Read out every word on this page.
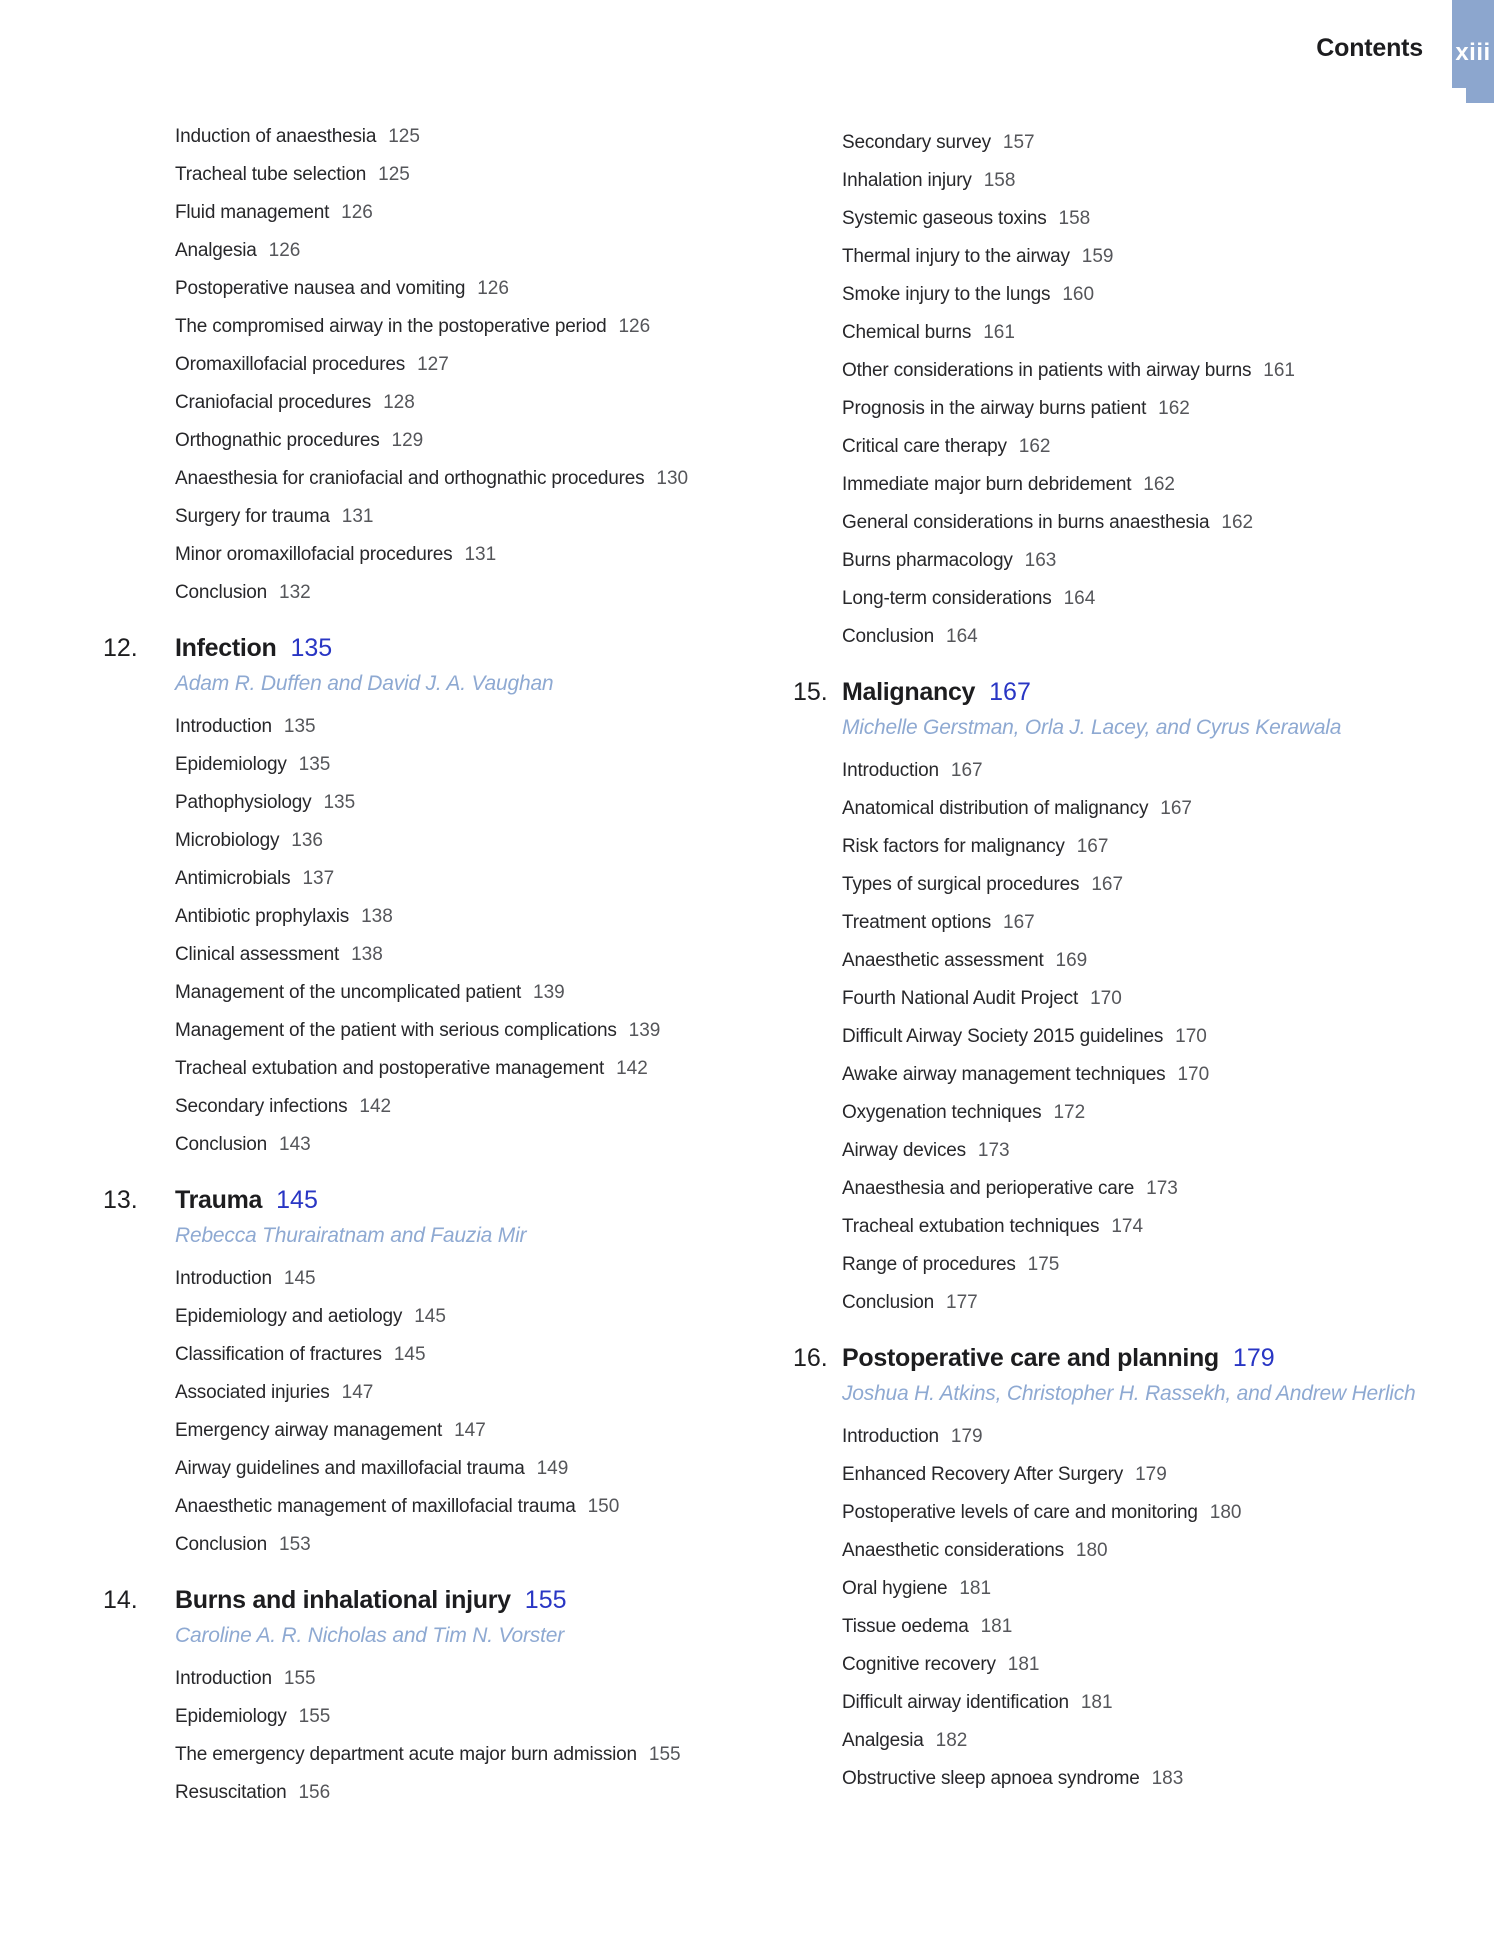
Contents xiii
Induction of anaesthesia 125
Tracheal tube selection 125
Fluid management 126
Analgesia 126
Postoperative nausea and vomiting 126
The compromised airway in the postoperative period 126
Oromaxillofacial procedures 127
Craniofacial procedures 128
Orthognathic procedures 129
Anaesthesia for craniofacial and orthognathic procedures 130
Surgery for trauma 131
Minor oromaxillofacial procedures 131
Conclusion 132
12. Infection 135
Adam R. Duffen and David J. A. Vaughan
Introduction 135
Epidemiology 135
Pathophysiology 135
Microbiology 136
Antimicrobials 137
Antibiotic prophylaxis 138
Clinical assessment 138
Management of the uncomplicated patient 139
Management of the patient with serious complications 139
Tracheal extubation and postoperative management 142
Secondary infections 142
Conclusion 143
13. Trauma 145
Rebecca Thurairatnam and Fauzia Mir
Introduction 145
Epidemiology and aetiology 145
Classification of fractures 145
Associated injuries 147
Emergency airway management 147
Airway guidelines and maxillofacial trauma 149
Anaesthetic management of maxillofacial trauma 150
Conclusion 153
14. Burns and inhalational injury 155
Caroline A. R. Nicholas and Tim N. Vorster
Introduction 155
Epidemiology 155
The emergency department acute major burn admission 155
Resuscitation 156
Secondary survey 157
Inhalation injury 158
Systemic gaseous toxins 158
Thermal injury to the airway 159
Smoke injury to the lungs 160
Chemical burns 161
Other considerations in patients with airway burns 161
Prognosis in the airway burns patient 162
Critical care therapy 162
Immediate major burn debridement 162
General considerations in burns anaesthesia 162
Burns pharmacology 163
Long-term considerations 164
Conclusion 164
15. Malignancy 167
Michelle Gerstman, Orla J. Lacey, and Cyrus Kerawala
Introduction 167
Anatomical distribution of malignancy 167
Risk factors for malignancy 167
Types of surgical procedures 167
Treatment options 167
Anaesthetic assessment 169
Fourth National Audit Project 170
Difficult Airway Society 2015 guidelines 170
Awake airway management techniques 170
Oxygenation techniques 172
Airway devices 173
Anaesthesia and perioperative care 173
Tracheal extubation techniques 174
Range of procedures 175
Conclusion 177
16. Postoperative care and planning 179
Joshua H. Atkins, Christopher H. Rassekh, and Andrew Herlich
Introduction 179
Enhanced Recovery After Surgery 179
Postoperative levels of care and monitoring 180
Anaesthetic considerations 180
Oral hygiene 181
Tissue oedema 181
Cognitive recovery 181
Difficult airway identification 181
Analgesia 182
Obstructive sleep apnoea syndrome 183
